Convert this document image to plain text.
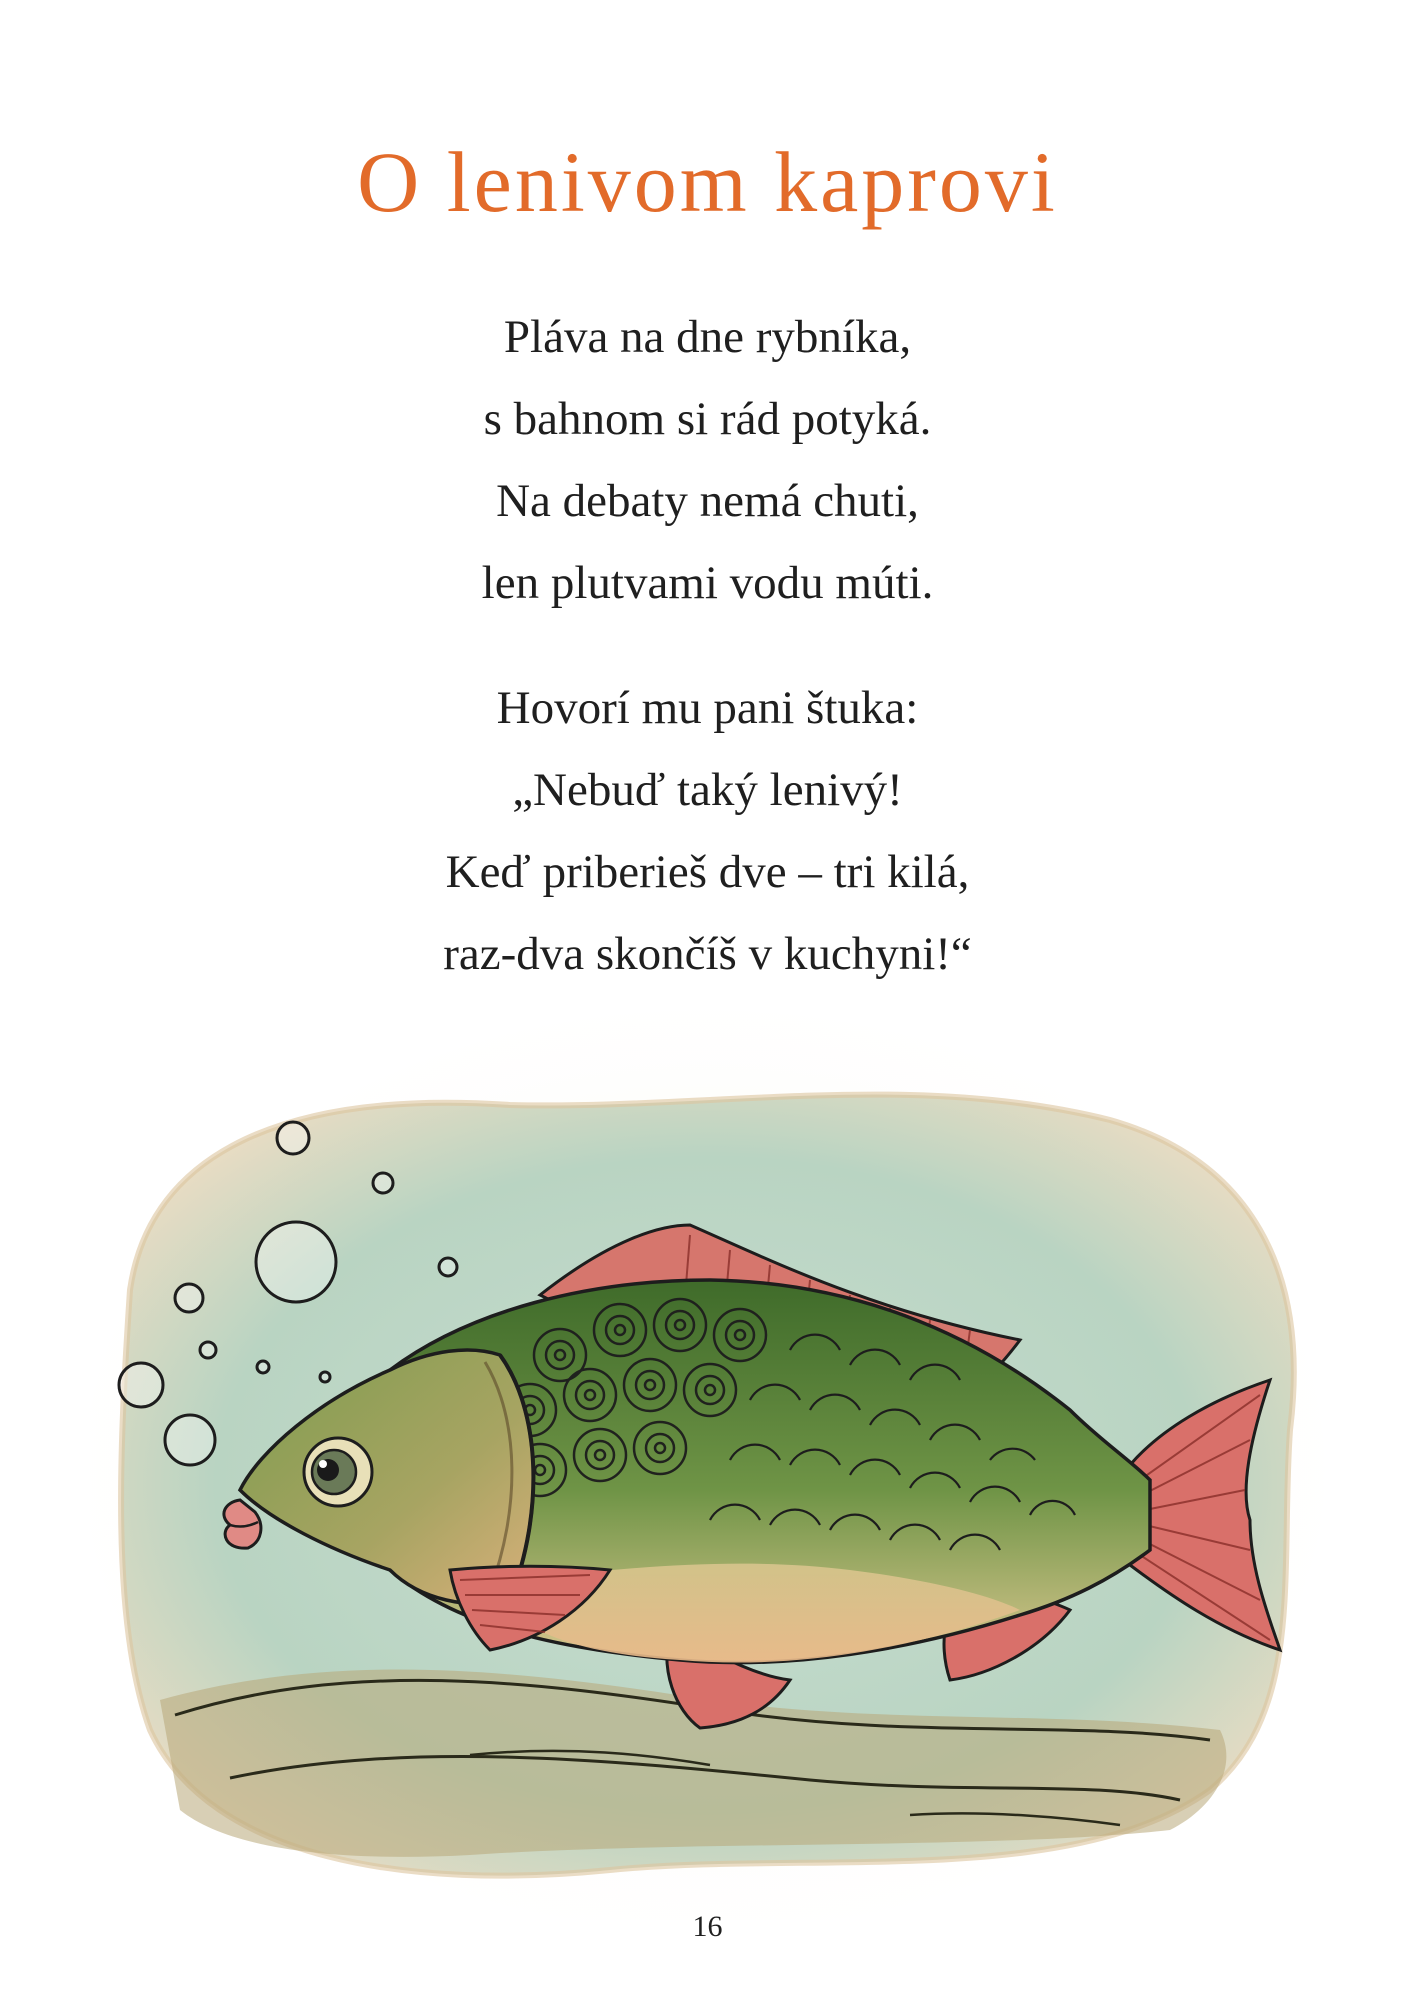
O lenivom kaprovi
Pláva na dne rybníka,
s bahnom si rád potyká.
Na debaty nemá chuti,
len plutvami vodu múti.
Hovorí mu pani štuka:
„Nebuď taký lenivý!
Keď priberieš dve – tri kilá,
raz-dva skončíš v kuchyni!“
16
